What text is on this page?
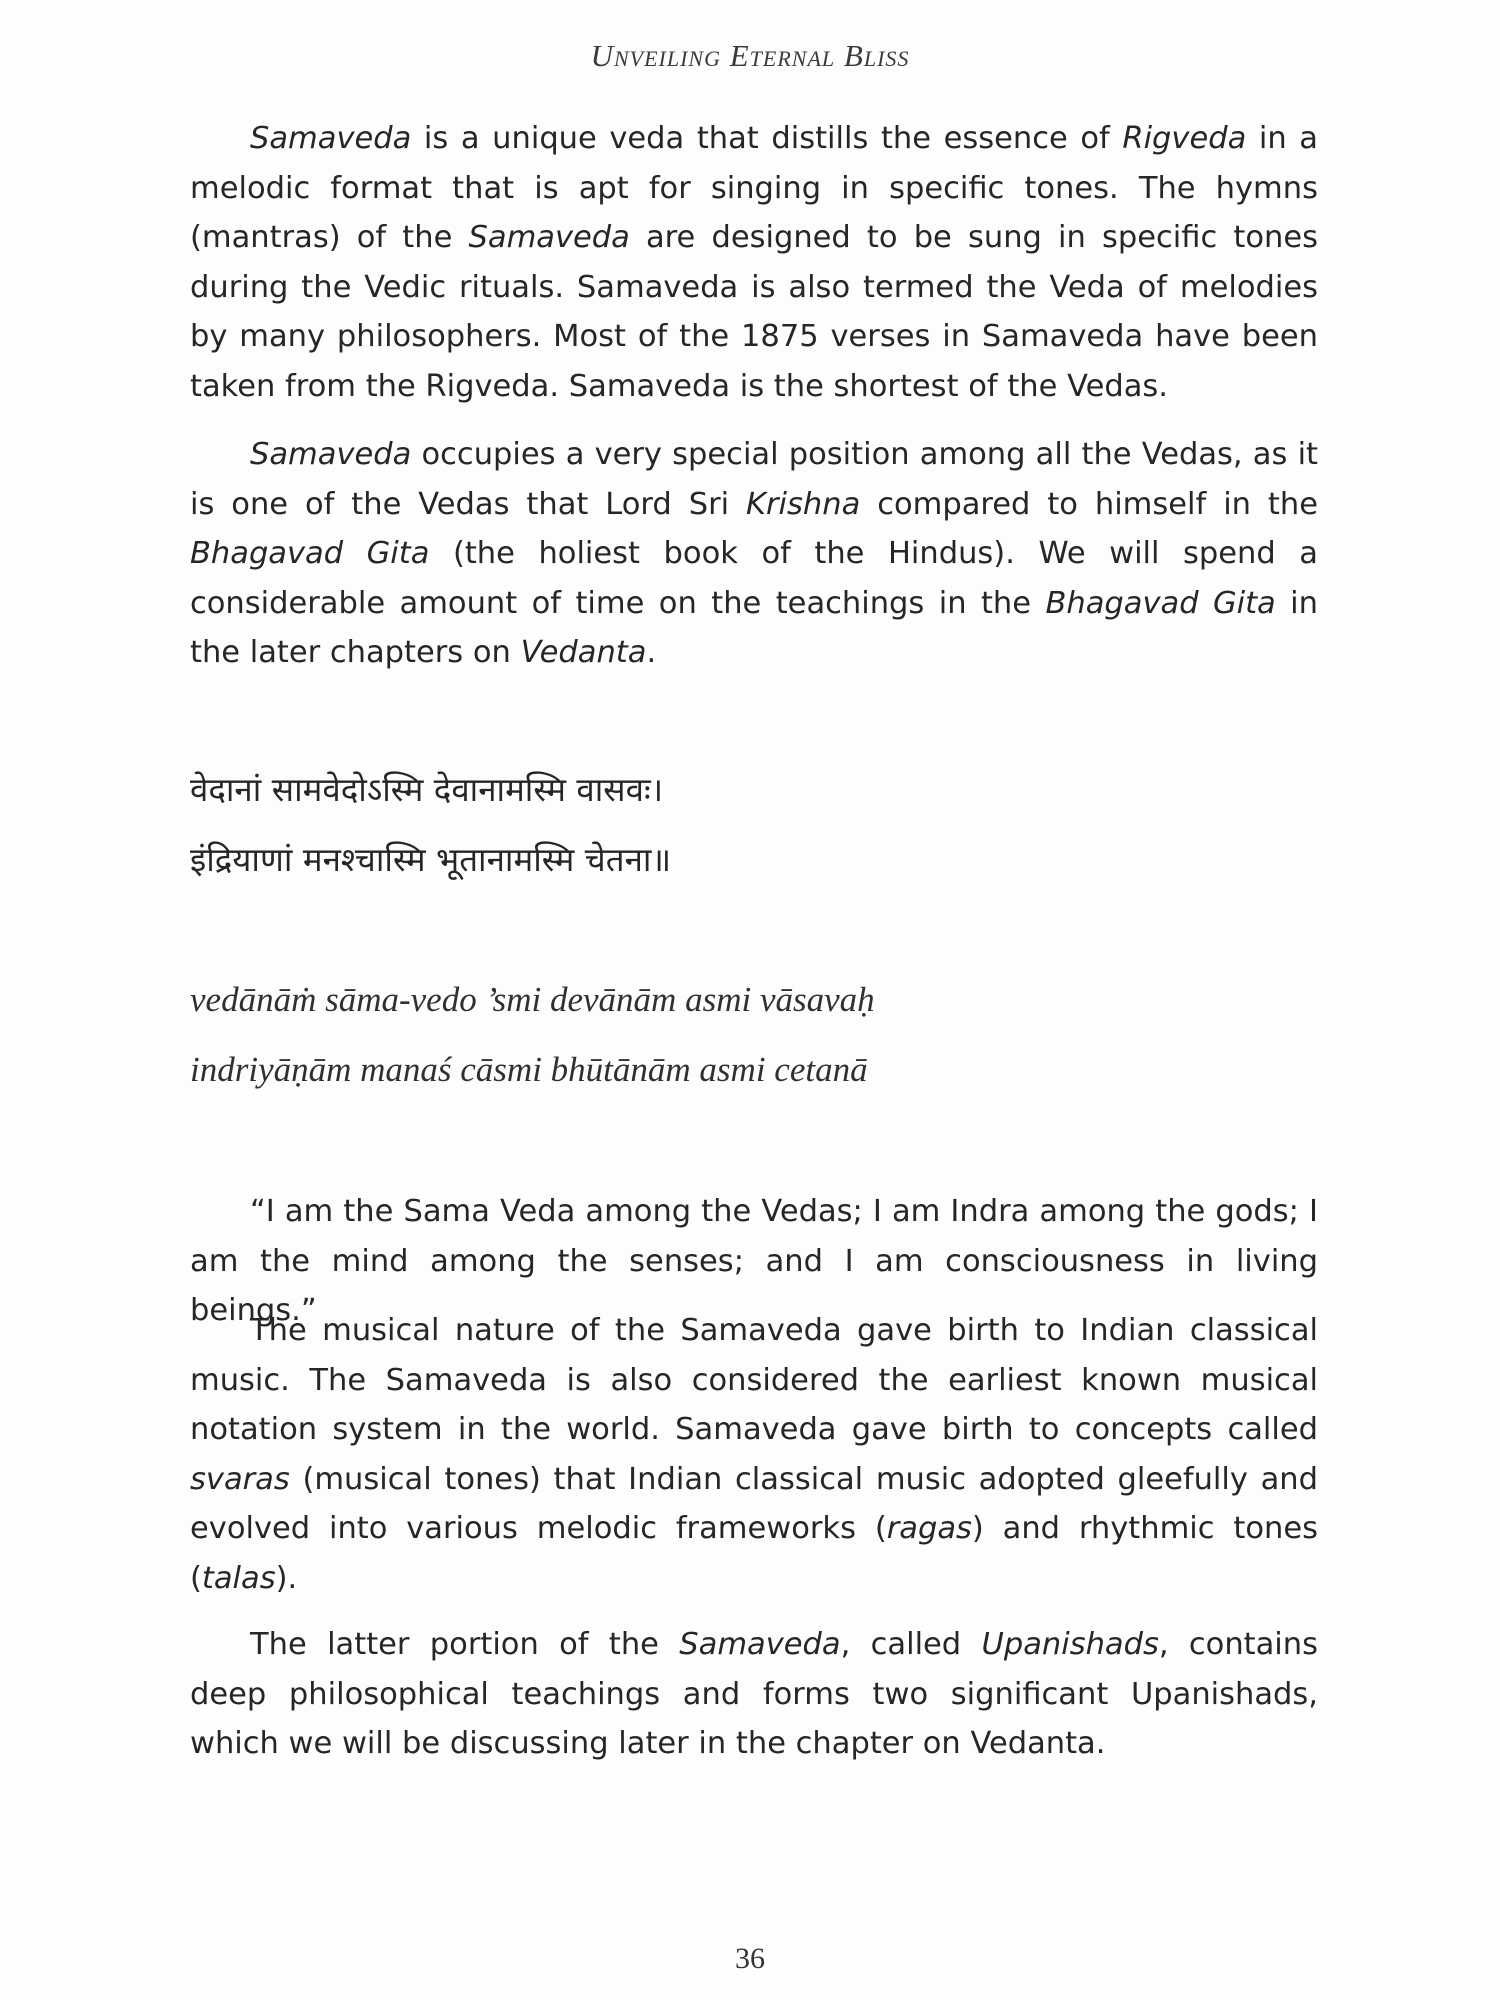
Unveiling Eternal Bliss

Samaveda is a unique veda that distills the essence of Rigveda in a melodic format that is apt for singing in specific tones. The hymns (mantras) of the Samaveda are designed to be sung in specific tones during the Vedic rituals. Samaveda is also termed the Veda of melodies by many philosophers. Most of the 1875 verses in Samaveda have been taken from the Rigveda. Samaveda is the shortest of the Vedas.

Samaveda occupies a very special position among all the Vedas, as it is one of the Vedas that Lord Sri Krishna compared to himself in the Bhagavad Gita (the holiest book of the Hindus). We will spend a considerable amount of time on the teachings in the Bhagavad Gita in the later chapters on Vedanta.

वेदानां सामवेदोऽस्मि देवानामस्मि वासवः।
इंद्रियाणां मनश्चास्मि भूतानामस्मि चेतना॥
vedānāṁ sāma-vedo ’smi devānām asmi vāsavaḥ
indriyāṇām manaś cāsmi bhūtānām asmi cetanā

“I am the Sama Veda among the Vedas; I am Indra among the gods; I am the mind among the senses; and I am consciousness in living beings.”

The musical nature of the Samaveda gave birth to Indian classical music. The Samaveda is also considered the earliest known musical notation system in the world. Samaveda gave birth to concepts called svaras (musical tones) that Indian classical music adopted gleefully and evolved into various melodic frameworks (ragas) and rhythmic tones (talas).

The latter portion of the Samaveda, called Upanishads, contains deep philosophical teachings and forms two significant Upanishads, which we will be discussing later in the chapter on Vedanta.

36
